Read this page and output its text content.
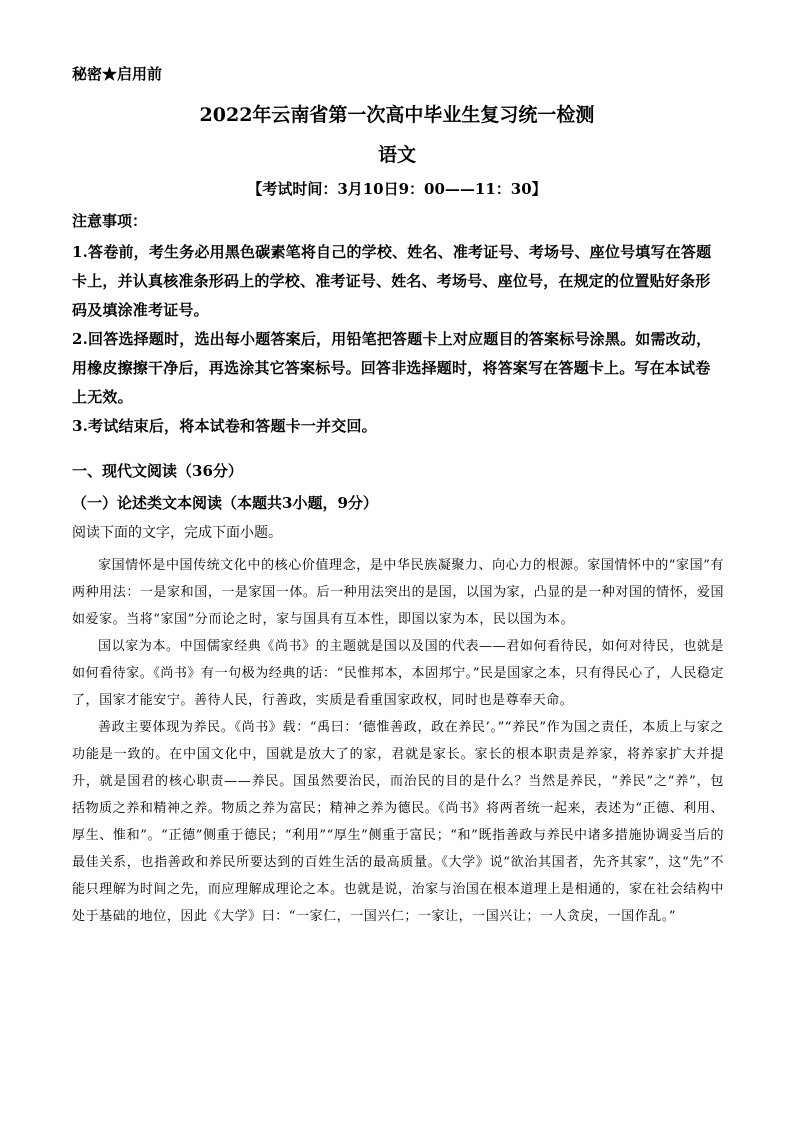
秘密★启用前
2022年云南省第一次高中毕业生复习统一检测
语文
【考试时间：3月10日9：00——11：30】
注意事项：
1.答卷前，考生务必用黑色碳素笔将自己的学校、姓名、准考证号、考场号、座位号填写在答题卡上，并认真核准条形码上的学校、准考证号、姓名、考场号、座位号，在规定的位置贴好条形码及填涂准考证号。
2.回答选择题时，选出每小题答案后，用铅笔把答题卡上对应题目的答案标号涂黑。如需改动，用橡皮擦擦干净后，再选涂其它答案标号。回答非选择题时，将答案写在答题卡上。写在本试卷上无效。
3.考试结束后，将本试卷和答题卡一并交回。
一、现代文阅读（36分）
（一）论述类文本阅读（本题共3小题，9分）
阅读下面的文字，完成下面小题。

家国情怀是中国传统文化中的核心价值理念，是中华民族凝聚力、向心力的根源。家国情怀中的“家国”有两种用法：一是家和国，一是家国一体。后一种用法突出的是国，以国为家，凸显的是一种对国的情怀，爱国如爱家。当将“家国”分而论之时，家与国具有互本性，即国以家为本，民以国为本。

国以家为本。中国儒家经典《尚书》的主题就是国以及国的代表——君如何看待民，如何对待民，也就是如何看待家。《尚书》有一句极为经典的话：“民惟邦本，本固邦宁。”民是国家之本，只有得民心了，人民稳定了，国家才能安宁。善待人民，行善政，实质是看重国家政权，同时也是尊奉天命。

善政主要体现为养民。《尚书》载：“禹曰：‘德惟善政，政在养民’。”“养民”作为国之责任，本质上与家之功能是一致的。在中国文化中，国就是放大了的家，君就是家长。家长的根本职责是养家，将养家扩大并提升，就是国君的核心职责——养民。国虽然要治民，而治民的目的是什么？当然是养民，“养民”之“养”，包括物质之养和精神之养。物质之养为富民；精神之养为德民。《尚书》将两者统一起来，表述为“正德、利用、厚生、惟和”。“正德”侧重于德民；“利用”“厚生”侧重于富民；“和”既指善政与养民中诸多措施协调妥当后的最佳关系，也指善政和养民所要达到的百姓生活的最高质量。《大学》说“欲治其国者，先齐其家”，这“先”不能只理解为时间之先，而应理解成理论之本。也就是说，治家与治国在根本道理上是相通的，家在社会结构中处于基础的地位，因此《大学》曰：“一家仁，一国兴仁；一家让，一国兴让；一人贪戾，一国作乱。”
